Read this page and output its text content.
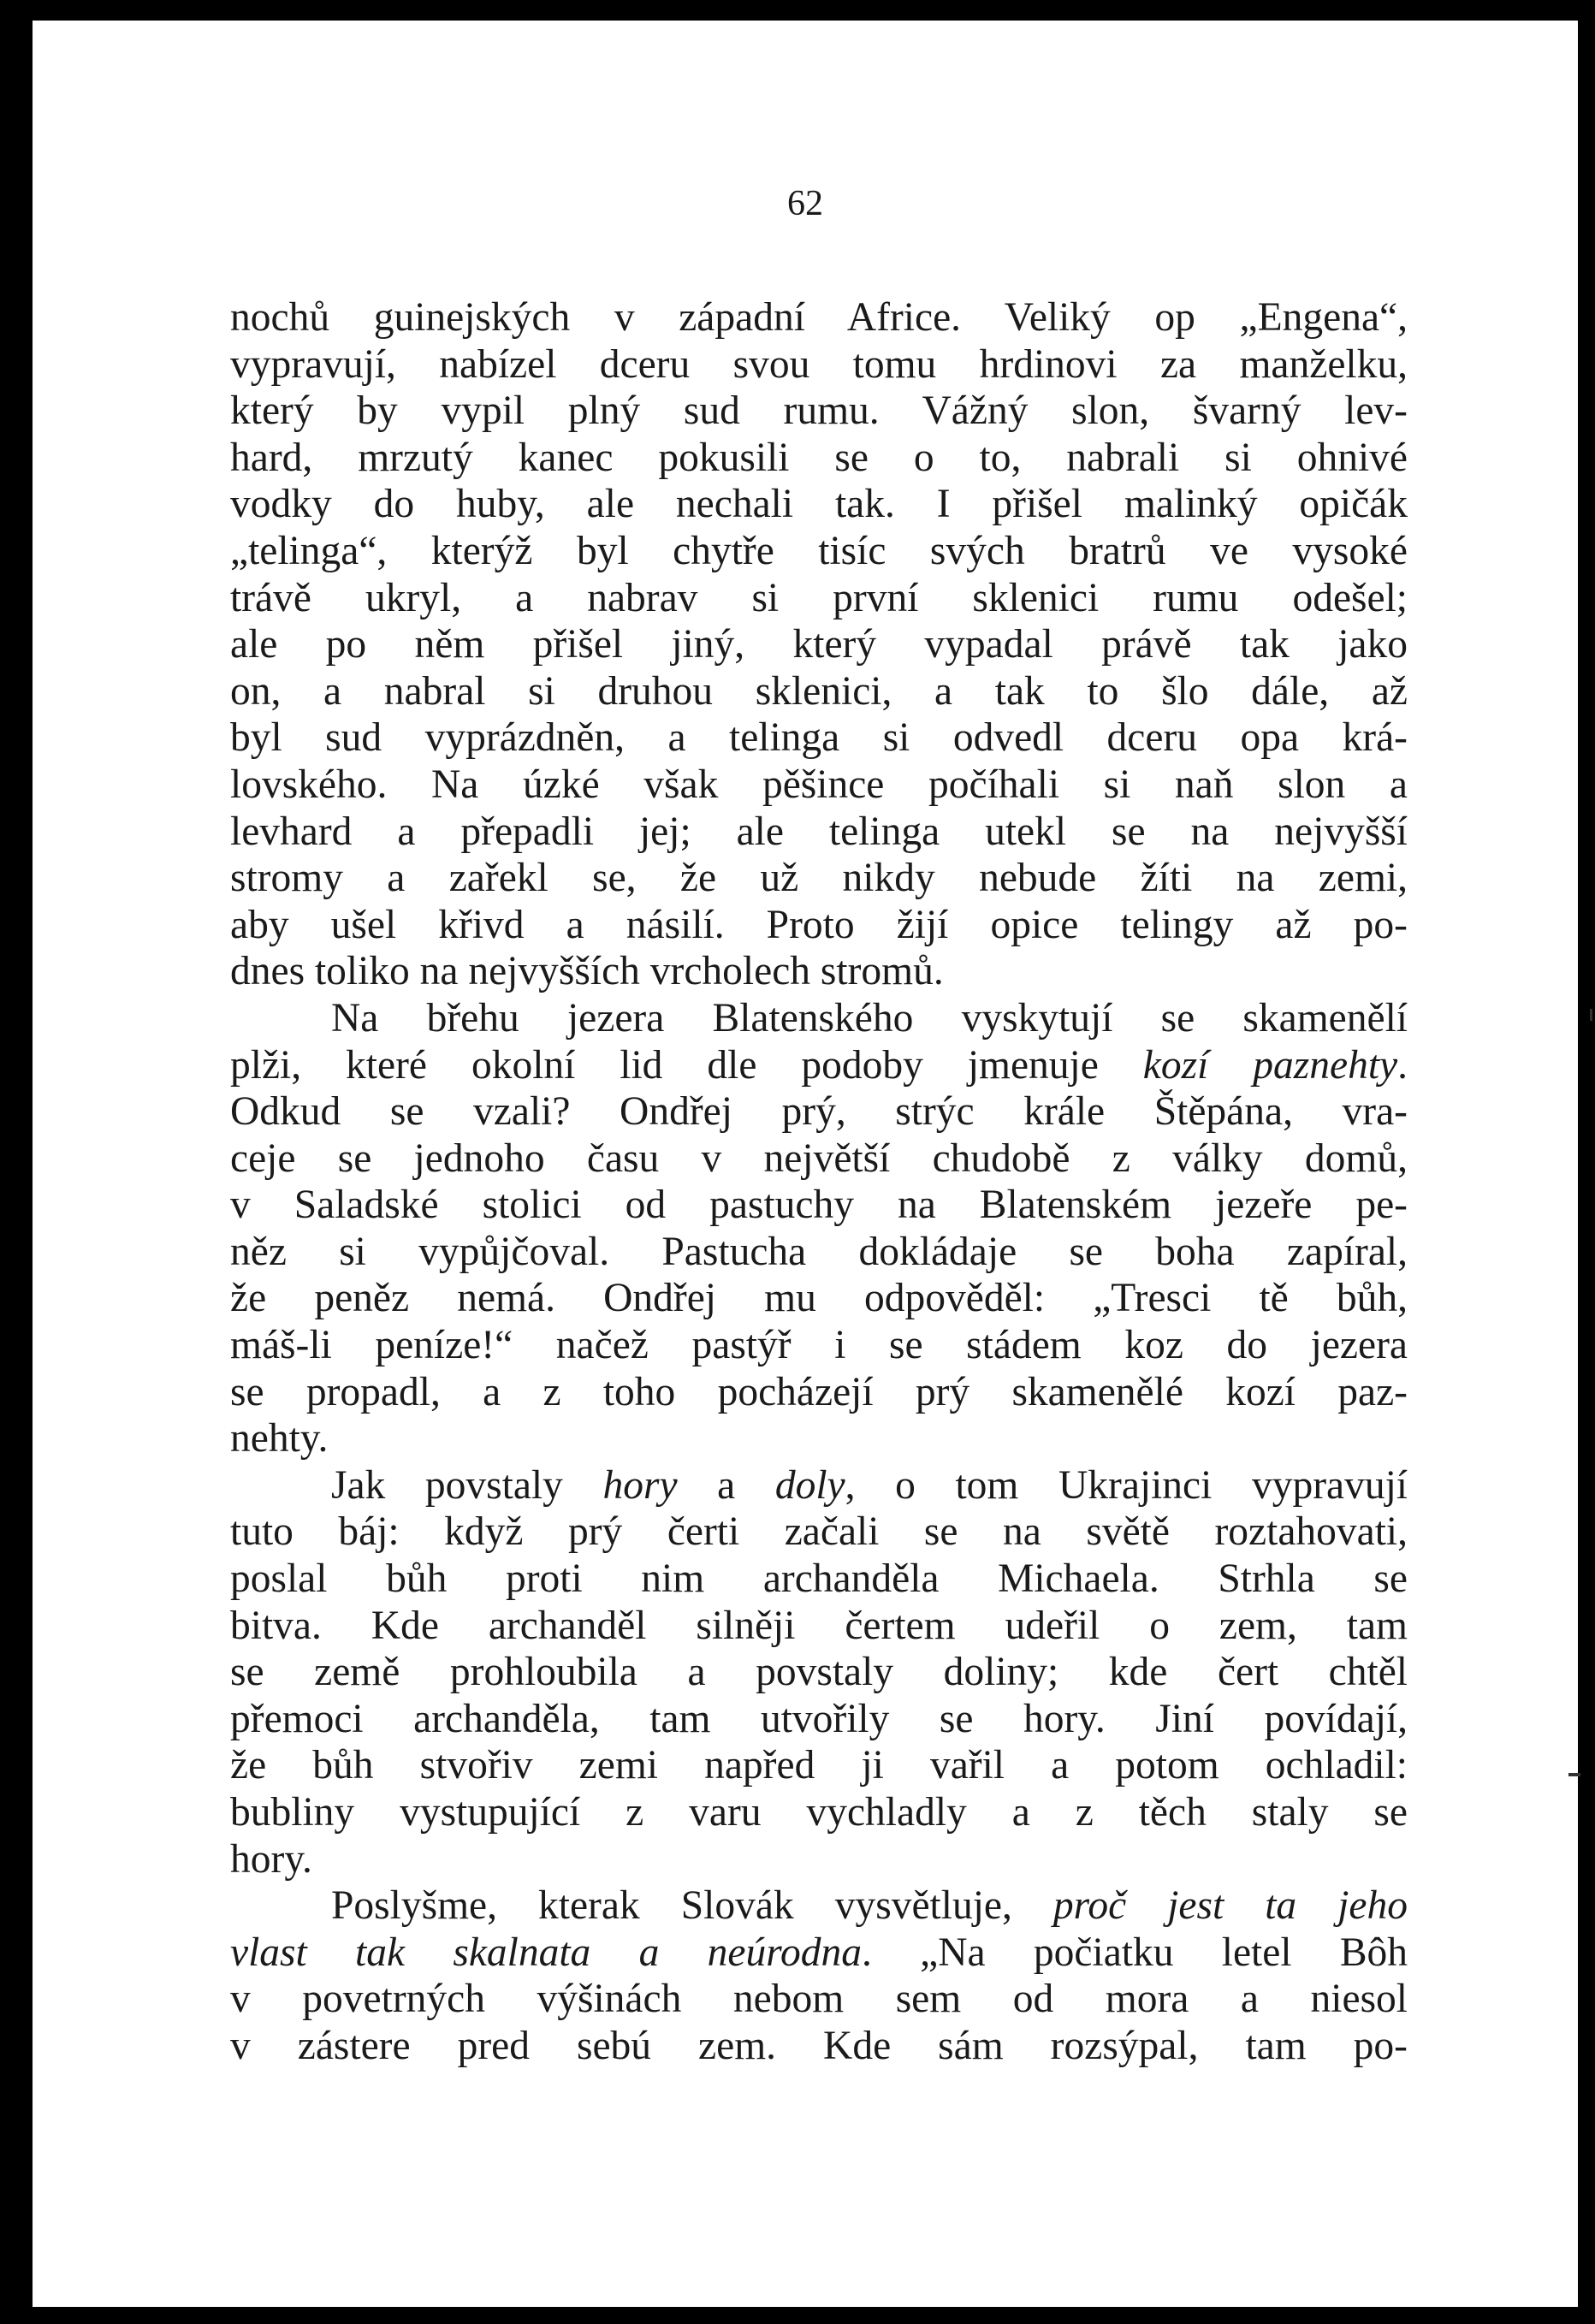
62
nochů guinejských v západní Africe. Veliký op „Engena“,
vypravují, nabízel dceru svou tomu hrdinovi za manželku,
který by vypil plný sud rumu. Vážný slon, švarný lev-
hard, mrzutý kanec pokusili se o to, nabrali si ohnivé
vodky do huby, ale nechali tak. I přišel malinký opičák
„telinga“, kterýž byl chytře tisíc svých bratrů ve vysoké
trávě ukryl, a nabrav si první sklenici rumu odešel;
ale po něm přišel jiný, který vypadal právě tak jako
on, a nabral si druhou sklenici, a tak to šlo dále, až
byl sud vyprázdněn, a telinga si odvedl dceru opa krá-
lovského. Na úzké však pěšince počíhali si naň slon a
levhard a přepadli jej; ale telinga utekl se na nejvyšší
stromy a zařekl se, že už nikdy nebude žíti na zemi,
aby ušel křivd a násilí. Proto žijí opice telingy až po-
dnes toliko na nejvyšších vrcholech stromů.
Na břehu jezera Blatenského vyskytují se skamenělí
plži, které okolní lid dle podoby jmenuje kozí paznehty.
Odkud se vzali? Ondřej prý, strýc krále Štěpána, vra-
ceje se jednoho času v největší chudobě z války domů,
v Saladské stolici od pastuchy na Blatenském jezeře pe-
něz si vypůjčoval. Pastucha dokládaje se boha zapíral,
že peněz nemá. Ondřej mu odpověděl: „Tresci tě bůh,
máš-li peníze!“ načež pastýř i se stádem koz do jezera
se propadl, a z toho pocházejí prý skamenělé kozí paz-
nehty.
Jak povstaly hory a doly, o tom Ukrajinci vypravují
tuto báj: když prý čerti začali se na světě roztahovati,
poslal bůh proti nim archanděla Michaela. Strhla se
bitva. Kde archanděl silněji čertem udeřil o zem, tam
se země prohloubila a povstaly doliny; kde čert chtěl
přemoci archanděla, tam utvořily se hory. Jiní povídají,
že bůh stvořiv zemi napřed ji vařil a potom ochladil:
bubliny vystupující z varu vychladly a z těch staly se
hory.
Poslyšme, kterak Slovák vysvětluje, proč jest ta jeho
vlast tak skalnata a neúrodna. „Na počiatku letel Bôh
v povetrných výšinách nebom sem od mora a niesol
v zástere pred sebú zem. Kde sám rozsýpal, tam po-
